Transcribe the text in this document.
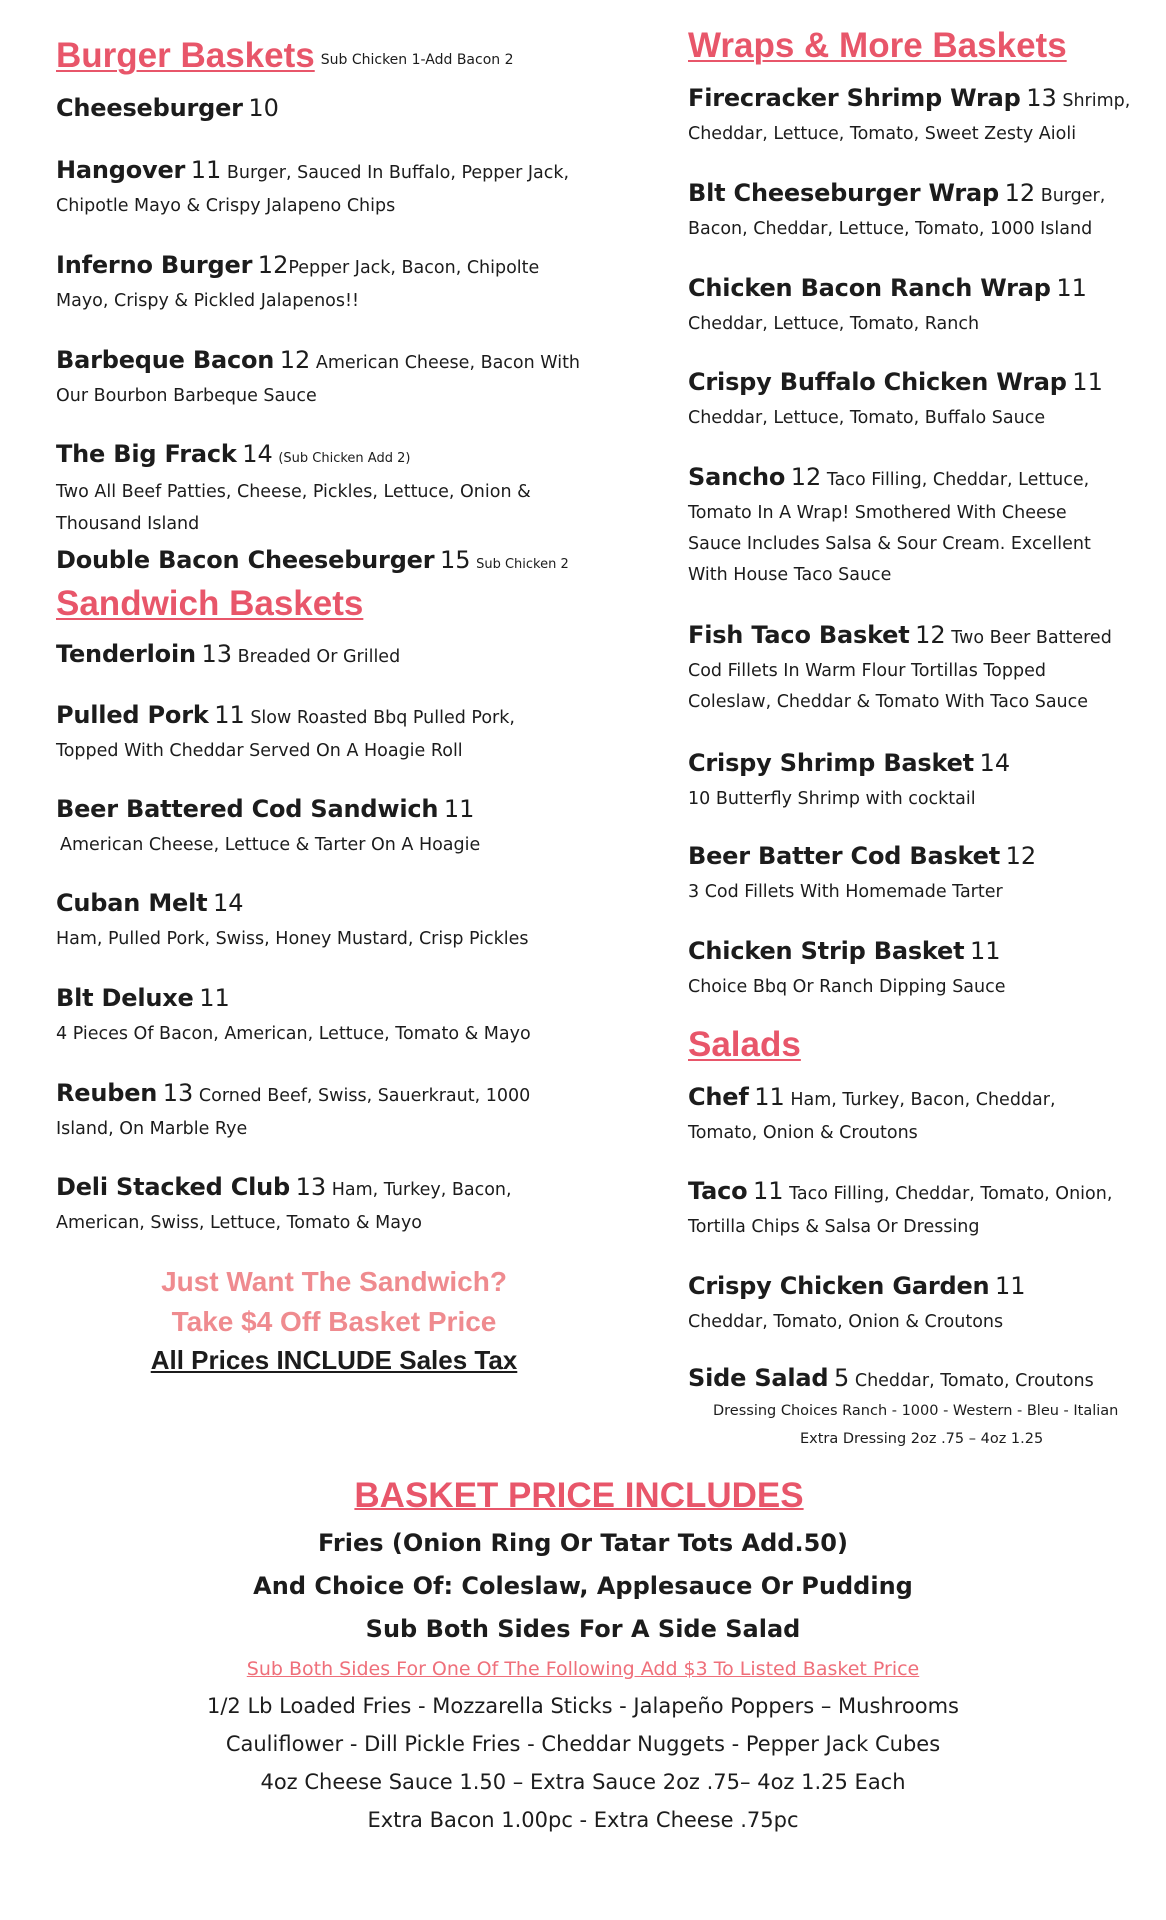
Burger Baskets Sub Chicken 1-Add Bacon 2
Cheeseburger 10
Hangover 11 Burger, Sauced In Buffalo, Pepper Jack,
Chipotle Mayo & Crispy Jalapeno Chips
Inferno Burger 12Pepper Jack, Bacon, Chipolte
Mayo, Crispy & Pickled Jalapenos!!
Barbeque Bacon 12 American Cheese, Bacon With
Our Bourbon Barbeque Sauce
The Big Frack 14 (Sub Chicken Add 2)
Two All Beef Patties, Cheese, Pickles, Lettuce, Onion &
Thousand Island
Double Bacon Cheeseburger 15 Sub Chicken 2
Sandwich Baskets
Tenderloin 13 Breaded Or Grilled
Pulled Pork 11 Slow Roasted Bbq Pulled Pork,
Topped With Cheddar Served On A Hoagie Roll
Beer Battered Cod Sandwich 11
American Cheese, Lettuce & Tarter On A Hoagie
Cuban Melt 14
Ham, Pulled Pork, Swiss, Honey Mustard, Crisp Pickles
Blt Deluxe 11
4 Pieces Of Bacon, American, Lettuce, Tomato & Mayo
Reuben 13 Corned Beef, Swiss, Sauerkraut, 1000
Island, On Marble Rye
Deli Stacked Club 13 Ham, Turkey, Bacon,
American, Swiss, Lettuce, Tomato & Mayo
Just Want The Sandwich?
Take $4 Off Basket Price
All Prices INCLUDE Sales Tax
Wraps & More Baskets
Firecracker Shrimp Wrap 13 Shrimp,
Cheddar, Lettuce, Tomato, Sweet Zesty Aioli
Blt Cheeseburger Wrap 12 Burger,
Bacon, Cheddar, Lettuce, Tomato, 1000 Island
Chicken Bacon Ranch Wrap 11
Cheddar, Lettuce, Tomato, Ranch
Crispy Buffalo Chicken Wrap 11
Cheddar, Lettuce, Tomato, Buffalo Sauce
Sancho 12 Taco Filling, Cheddar, Lettuce,
Tomato In A Wrap! Smothered With Cheese
Sauce Includes Salsa & Sour Cream. Excellent
With House Taco Sauce
Fish Taco Basket 12 Two Beer Battered
Cod Fillets In Warm Flour Tortillas Topped
Coleslaw, Cheddar & Tomato With Taco Sauce
Crispy Shrimp Basket 14
10 Butterfly Shrimp with cocktail
Beer Batter Cod Basket 12
3 Cod Fillets With Homemade Tarter
Chicken Strip Basket 11
Choice Bbq Or Ranch Dipping Sauce
Salads
Chef 11 Ham, Turkey, Bacon, Cheddar,
Tomato, Onion & Croutons
Taco 11 Taco Filling, Cheddar, Tomato, Onion,
Tortilla Chips & Salsa Or Dressing
Crispy Chicken Garden 11
Cheddar, Tomato, Onion & Croutons
Side Salad 5 Cheddar, Tomato, Croutons
Dressing Choices Ranch - 1000 - Western - Bleu - Italian
Extra Dressing 2oz .75 – 4oz 1.25
BASKET PRICE INCLUDES
Fries (Onion Ring Or Tatar Tots Add.50)
And Choice Of: Coleslaw, Applesauce Or Pudding
Sub Both Sides For A Side Salad
Sub Both Sides For One Of The Following Add $3 To Listed Basket Price
1/2 Lb Loaded Fries - Mozzarella Sticks - Jalapeño Poppers – Mushrooms
Cauliflower - Dill Pickle Fries - Cheddar Nuggets - Pepper Jack Cubes
4oz Cheese Sauce 1.50 – Extra Sauce 2oz .75– 4oz 1.25 Each
Extra Bacon 1.00pc - Extra Cheese .75pc
